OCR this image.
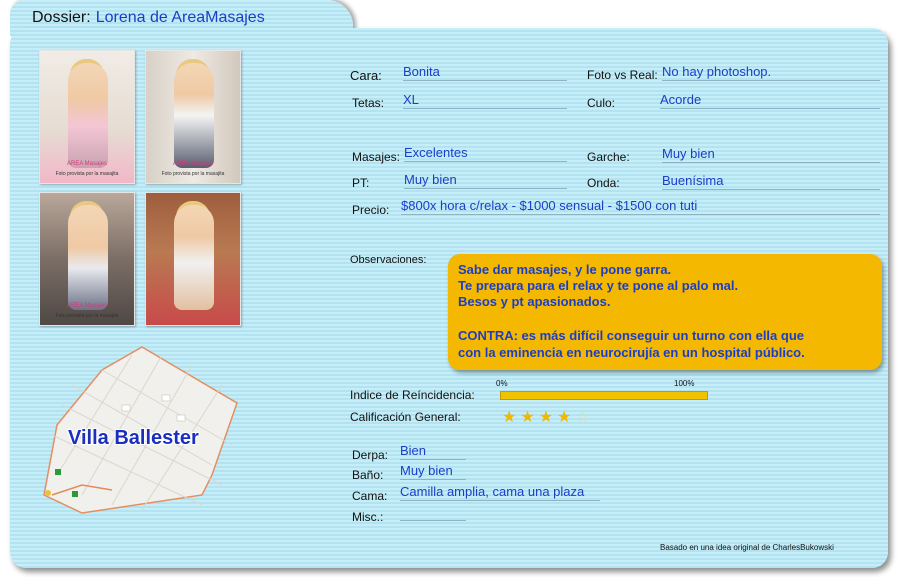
Dossier: Lorena de AreaMasajes
AREA Masajes
Foto provista por la masajita
AREA Masajes
Foto provista por la masajita
AREA Masajes
Foto provista por la masajita
Villa Ballester
Cara: Bonita	Foto vs Real: No hay photoshop.
Tetas: XL	Culo:	Acorde
Masajes: Excelentes	Garche: Muy bien
PT:	Muy bien	Onda:	Buenísima
Precio: $800x hora c/relax - $1000 sensual - $1500 con tuti
Observaciones:

Sabe dar masajes, y le pone garra.

Te prepara para el relax y te pone al palo mal.

Besos y pt apasionados.

CONTRA: es más difícil conseguir un turno con ella que

con la eminencia en neurocirujía en un hospital público.

0%	100%
Indice de Reíncidencia:
Calificación General:	★★★★☆
Derpa: Bien
Baño: Muy bien
Cama: Camilla amplia, cama una plaza
Misc.:
Basado en una idea original de CharlesBukowski
